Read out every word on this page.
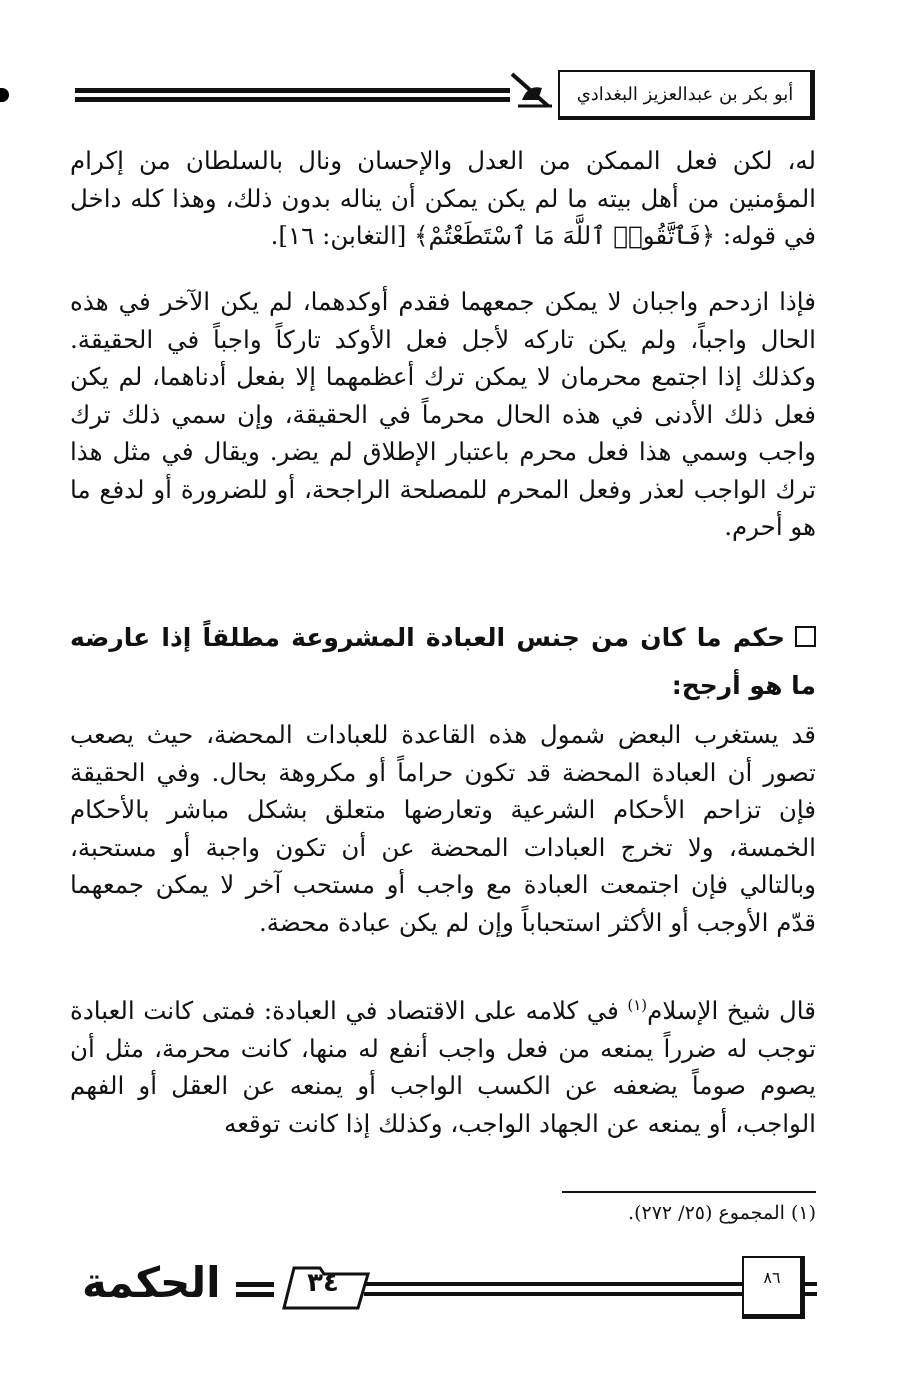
أبو بكر بن عبدالعزيز البغدادي

له، لكن فعل الممكن من العدل والإحسان ونال بالسلطان من إكرام المؤمنين من أهل بيته ما لم يكن يمكن أن يناله بدون ذلك، وهذا كله داخل في قوله: ﴿فَٱتَّقُوا۟ ٱللَّهَ مَا ٱسْتَطَعْتُمْ﴾ [التغابن: ١٦].

فإذا ازدحم واجبان لا يمكن جمعهما فقدم أوكدهما، لم يكن الآخر في هذه الحال واجباً، ولم يكن تاركه لأجل فعل الأوكد تاركاً واجباً في الحقيقة. وكذلك إذا اجتمع محرمان لا يمكن ترك أعظمهما إلا بفعل أدناهما، لم يكن فعل ذلك الأدنى في هذه الحال محرماً في الحقيقة، وإن سمي ذلك ترك واجب وسمي هذا فعل محرم باعتبار الإطلاق لم يضر. ويقال في مثل هذا ترك الواجب لعذر وفعل المحرم للمصلحة الراجحة، أو للضرورة أو لدفع ما هو أحرم.

حكم ما كان من جنس العبادة المشروعة مطلقاً إذا عارضه ما هو أرجح:

قد يستغرب البعض شمول هذه القاعدة للعبادات المحضة، حيث يصعب تصور أن العبادة المحضة قد تكون حراماً أو مكروهة بحال. وفي الحقيقة فإن تزاحم الأحكام الشرعية وتعارضها متعلق بشكل مباشر بالأحكام الخمسة، ولا تخرج العبادات المحضة عن أن تكون واجبة أو مستحبة، وبالتالي فإن اجتمعت العبادة مع واجب أو مستحب آخر لا يمكن جمعهما قدّم الأوجب أو الأكثر استحباباً وإن لم يكن عبادة محضة.

قال شيخ الإسلام$^{(١)}$ في كلامه على الاقتصاد في العبادة: فمتى كانت العبادة توجب له ضرراً يمنعه من فعل واجب أنفع له منها، كانت محرمة، مثل أن يصوم صوماً يضعفه عن الكسب الواجب أو يمنعه عن العقل أو الفهم الواجب، أو يمنعه عن الجهاد الواجب، وكذلك إذا كانت توقعه

(١) المجموع (٢٥/ ٢٧٢).
الحكمة	٣٤	٨٦
